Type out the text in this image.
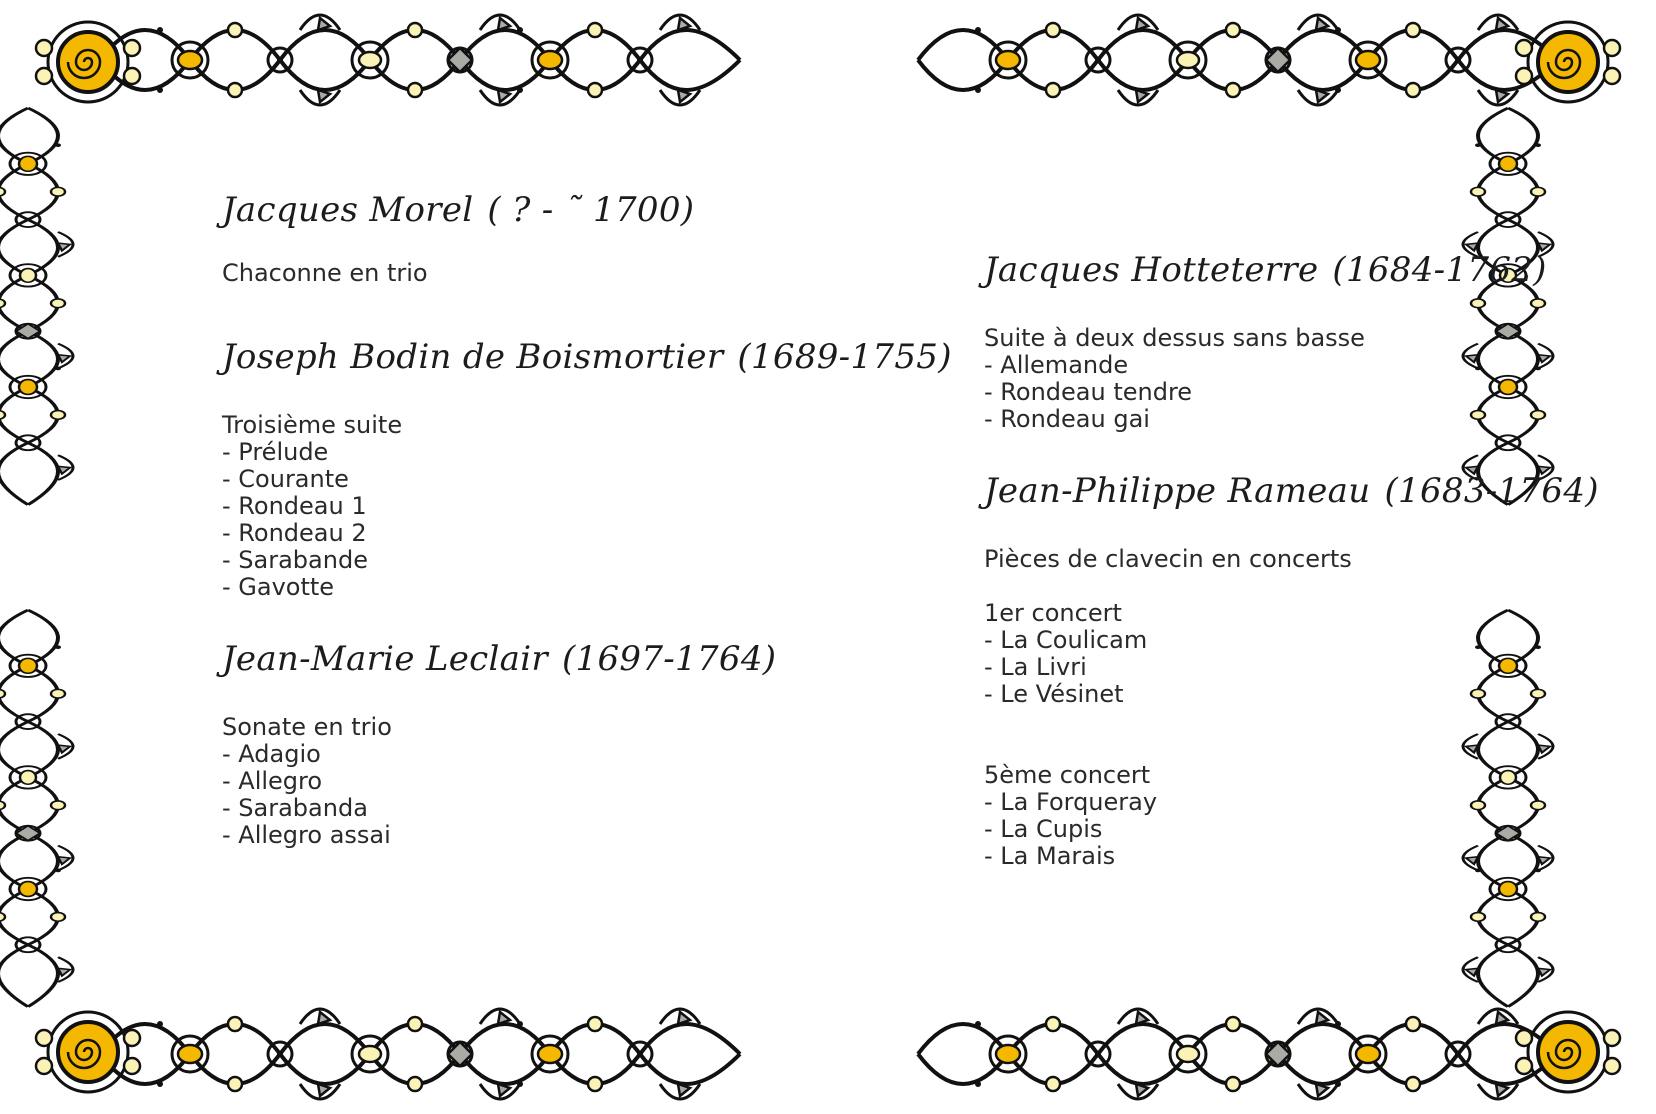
Jacques Morel ( ? - ˜ 1700)
Chaconne en trio
Joseph Bodin de Boismortier (1689-1755)
Troisième suite
- Prélude
- Courante
- Rondeau 1
- Rondeau 2
- Sarabande
- Gavotte
Jean-Marie Leclair (1697-1764)
Sonate en trio
- Adagio
- Allegro
- Sarabanda
- Allegro assai
Jacques Hotteterre (1684-1762)
Suite à deux dessus sans basse
- Allemande
- Rondeau tendre
- Rondeau gai
Jean-Philippe Rameau (1683-1764)
Pièces de clavecin en concerts
1er concert
- La Coulicam
- La Livri
- Le Vésinet
5ème concert
- La Forqueray
- La Cupis
- La Marais
